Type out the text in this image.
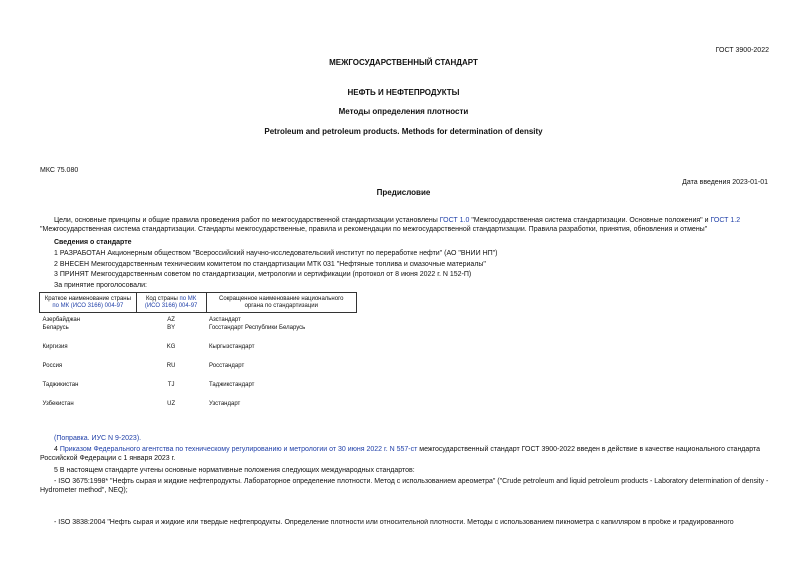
ГОСТ 3900-2022
МЕЖГОСУДАРСТВЕННЫЙ СТАНДАРТ
НЕФТЬ И НЕФТЕПРОДУКТЫ
Методы определения плотности
Petroleum and petroleum products. Methods for determination of density
МКС 75.080
Дата введения 2023-01-01
Предисловие
Цели, основные принципы и общие правила проведения работ по межгосударственной стандартизации установлены ГОСТ 1.0 "Межгосударственная система стандартизации. Основные положения" и ГОСТ 1.2 "Межгосударственная система стандартизации. Стандарты межгосударственные, правила и рекомендации по межгосударственной стандартизации. Правила разработки, принятия, обновления и отмены"
Сведения о стандарте
1 РАЗРАБОТАН Акционерным обществом "Всероссийский научно-исследовательский институт по переработке нефти" (АО "ВНИИ НП")
2 ВНЕСЕН Межгосударственным техническим комитетом по стандартизации МТК 031 "Нефтяные топлива и смазочные материалы"
3 ПРИНЯТ Межгосударственным советом по стандартизации, метрологии и сертификации (протокол от 8 июня 2022 г. N 152-П)
За принятие проголосовали:
Краткое наименование страны по МК (ИСО 3166) 004-97	Код страны по МК (ИСО 3166) 004-97	Сокращенное наименование национального органа по стандартизации
Азербайджан	AZ	Азстандарт
Беларусь	BY	Госстандарт Республики Беларусь
Киргизия	KG	Кыргызстандарт
Россия	RU	Росстандарт
Таджикистан	TJ	Таджикстандарт
Узбекистан	UZ	Узстандарт
(Поправка. ИУС N 9-2023).
4 Приказом Федерального агентства по техническому регулированию и метрологии от 30 июня 2022 г. N 557-ст межгосударственный стандарт ГОСТ 3900-2022 введен в действие в качестве национального стандарта Российской Федерации с 1 января 2023 г.
5 В настоящем стандарте учтены основные нормативные положения следующих международных стандартов:
- ISO 3675:1998* "Нефть сырая и жидкие нефтепродукты. Лабораторное определение плотности. Метод с использованием ареометра" ("Crude petroleum and liquid petroleum products - Laboratory determination of density - Hydrometer method", NEQ);
- ISO 3838:2004 "Нефть сырая и жидкие или твердые нефтепродукты. Определение плотности или относительной плотности. Методы с использованием пикнометра с капилляром в пробке и градуированного
